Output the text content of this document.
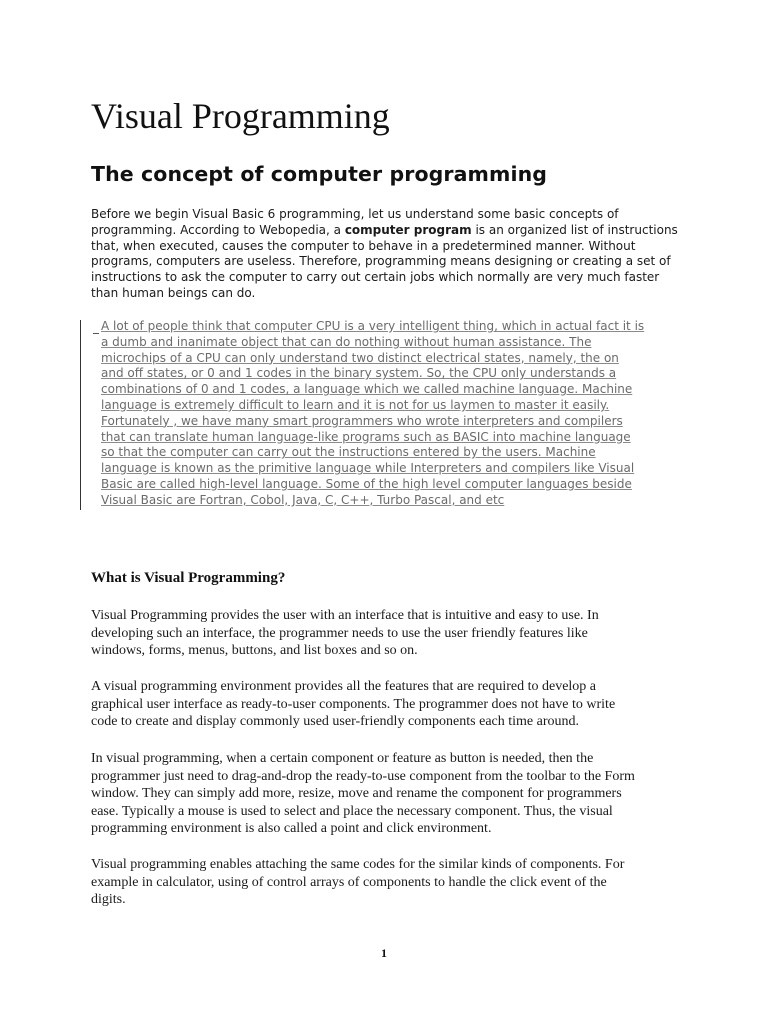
Visual Programming
The concept of computer programming

Before we begin Visual Basic 6 programming, let us understand some basic concepts of programming. According to Webopedia, a computer program is an organized list of instructions that, when executed, causes the computer to behave in a predetermined manner. Without programs, computers are useless. Therefore, programming means designing or creating a set of instructions to ask the computer to carry out certain jobs which normally are very much faster than human beings can do.

A lot of people think that computer CPU is a very intelligent thing, which in actual fact it is
a dumb and inanimate object that can do nothing without human assistance. The
microchips of a CPU can only understand two distinct electrical states, namely, the on
and off states, or 0 and 1 codes in the binary system. So, the CPU only understands a
combinations of 0 and 1 codes, a language which we called machine language. Machine
language is extremely difficult to learn and it is not for us laymen to master it easily.
Fortunately , we have many smart programmers who wrote interpreters and compilers
that can translate human language-like programs such as BASIC into machine language
so that the computer can carry out the instructions entered by the users. Machine
language is known as the primitive language while Interpreters and compilers like Visual
Basic are called high-level language. Some of the high level computer languages beside
Visual Basic are Fortran, Cobol, Java, C, C++, Turbo Pascal, and etc
What is Visual Programming?

Visual Programming provides the user with an interface that is intuitive and easy to use. In
developing such an interface, the programmer needs to use the user friendly features like
windows, forms, menus, buttons, and list boxes and so on.

A visual programming environment provides all the features that are required to develop a
graphical user interface as ready-to-user components. The programmer does not have to write
code to create and display commonly used user-friendly components each time around.

In visual programming, when a certain component or feature as button is needed, then the
programmer just need to drag-and-drop the ready-to-use component from the toolbar to the Form
window. They can simply add more, resize, move and rename the component for programmers
ease. Typically a mouse is used to select and place the necessary component. Thus, the visual
programming environment is also called a point and click environment.

Visual programming enables attaching the same codes for the similar kinds of components. For
example in calculator, using of control arrays of components to handle the click event of the
digits.

1
